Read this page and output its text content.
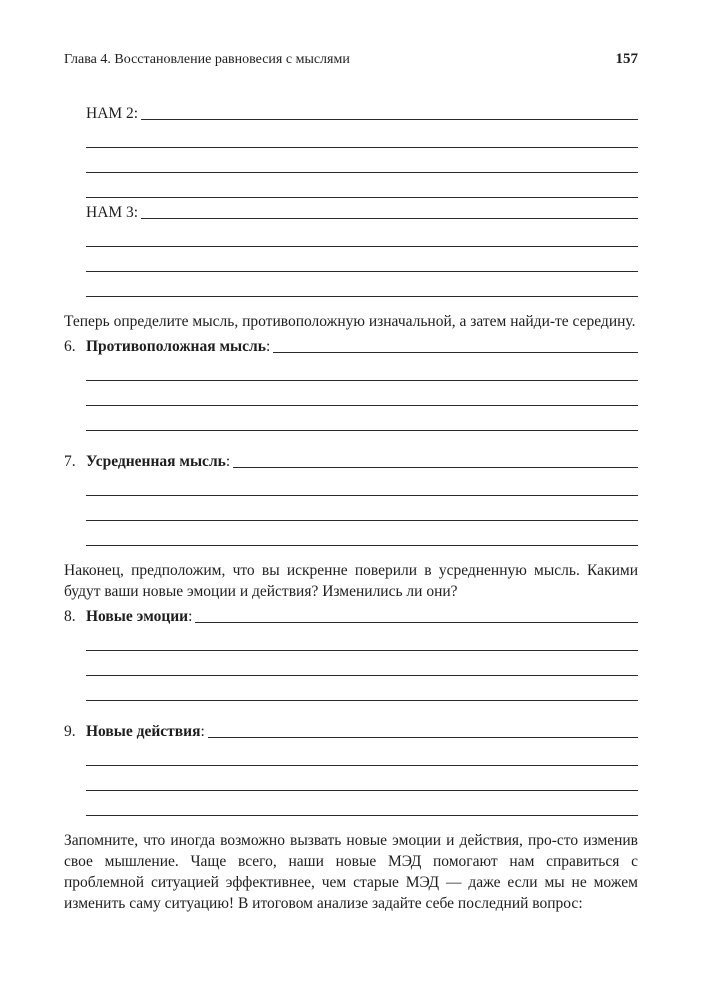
Глава 4. Восстановление равновесия с мыслями	157
НАМ 2:
НАМ 3:

Теперь определите мысль, противоположную изначальной, а затем найди-те середину.

6. Противоположная мысль:
7. Усредненная мысль:

Наконец, предположим, что вы искренне поверили в усредненную мысль. Какими будут ваши новые эмоции и действия? Изменились ли они?

8. Новые эмоции:
9. Новые действия:

Запомните, что иногда возможно вызвать новые эмоции и действия, про-сто изменив свое мышление. Чаще всего, наши новые МЭД помогают нам справиться с проблемной ситуацией эффективнее, чем старые МЭД — даже если мы не можем изменить саму ситуацию! В итоговом анализе задайте себе последний вопрос:
